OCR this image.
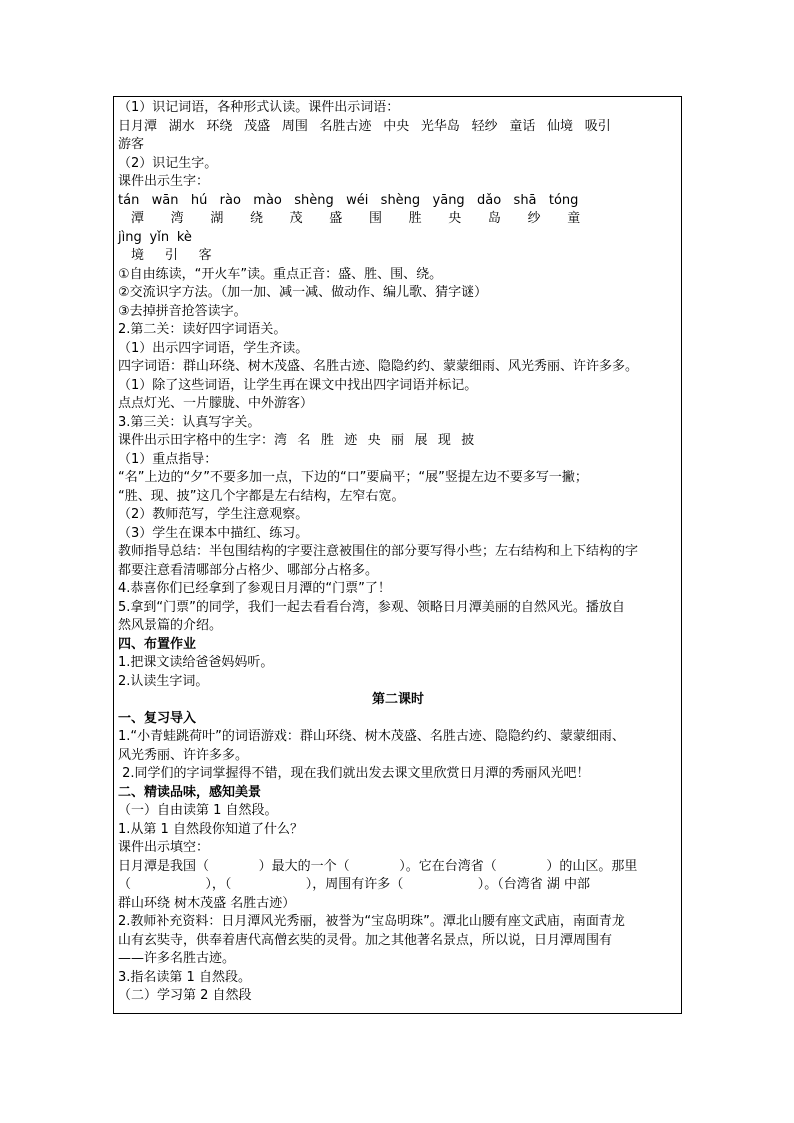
（1）识记词语，各种形式认读。课件出示词语：
日月潭 湖水 环绕 茂盛 周围 名胜古迹 中央 光华岛 轻纱 童话 仙境 吸引
游客
（2）识记生字。
课件出示生字：
tán wān hú rào mào shèng wéi shèng yāng dǎo shā tóng
潭 湾 湖 绕 茂 盛 围 胜 央 岛 纱 童
jìng yǐn kè
境 引 客
①自由练读，“开火车”读。重点正音：盛、胜、围、绕。
②交流识字方法。（加一加、减一减、做动作、编儿歌、猜字谜）
③去掉拼音抢答读字。
2.第二关：读好四字词语关。
（1）出示四字词语，学生齐读。
四字词语：群山环绕、树木茂盛、名胜古迹、隐隐约约、蒙蒙细雨、风光秀丽、许许多多。
（1）除了这些词语，让学生再在课文中找出四字词语并标记。
点点灯光、一片朦胧、中外游客）
3.第三关：认真写字关。
课件出示田字格中的生字：湾 名 胜 迹 央 丽 展 现 披
（1）重点指导：
“名”上边的“夕”不要多加一点，下边的“口”要扁平；“展”竖提左边不要多写一撇；
“胜、现、披”这几个字都是左右结构，左窄右宽。
（2）教师范写，学生注意观察。
（3）学生在课本中描红、练习。
教师指导总结：半包围结构的字要注意被围住的部分要写得小些；左右结构和上下结构的字
都要注意看清哪部分占格少、哪部分占格多。
4.恭喜你们已经拿到了参观日月潭的“门票”了！
5.拿到“门票”的同学，我们一起去看看台湾，参观、领略日月潭美丽的自然风光。播放自
然风景篇的介绍。
四、布置作业
1.把课文读给爸爸妈妈听。
2.认读生字词。
第二课时
一、复习导入
1.“小青蛙跳荷叶”的词语游戏：群山环绕、树木茂盛、名胜古迹、隐隐约约、蒙蒙细雨、
风光秀丽、许许多多。
2.同学们的字词掌握得不错，现在我们就出发去课文里欣赏日月潭的秀丽风光吧！
二、精读品味，感知美景
（一）自由读第 1 自然段。
1.从第 1 自然段你知道了什么？
课件出示填空：
日月潭是我国（            ）最大的一个（            ）。它在台湾省（            ）的山区。那里
（                  ），（                  ），周围有许多（                  ）。（台湾省 湖 中部
群山环绕 树木茂盛 名胜古迹）
2.教师补充资料：日月潭风光秀丽，被誉为“宝岛明珠”。潭北山腰有座文武庙，南面青龙
山有玄奘寺，供奉着唐代高僧玄奘的灵骨。加之其他著名景点，所以说，日月潭周围有
——许多名胜古迹。
3.指名读第 1 自然段。
（二）学习第 2 自然段
